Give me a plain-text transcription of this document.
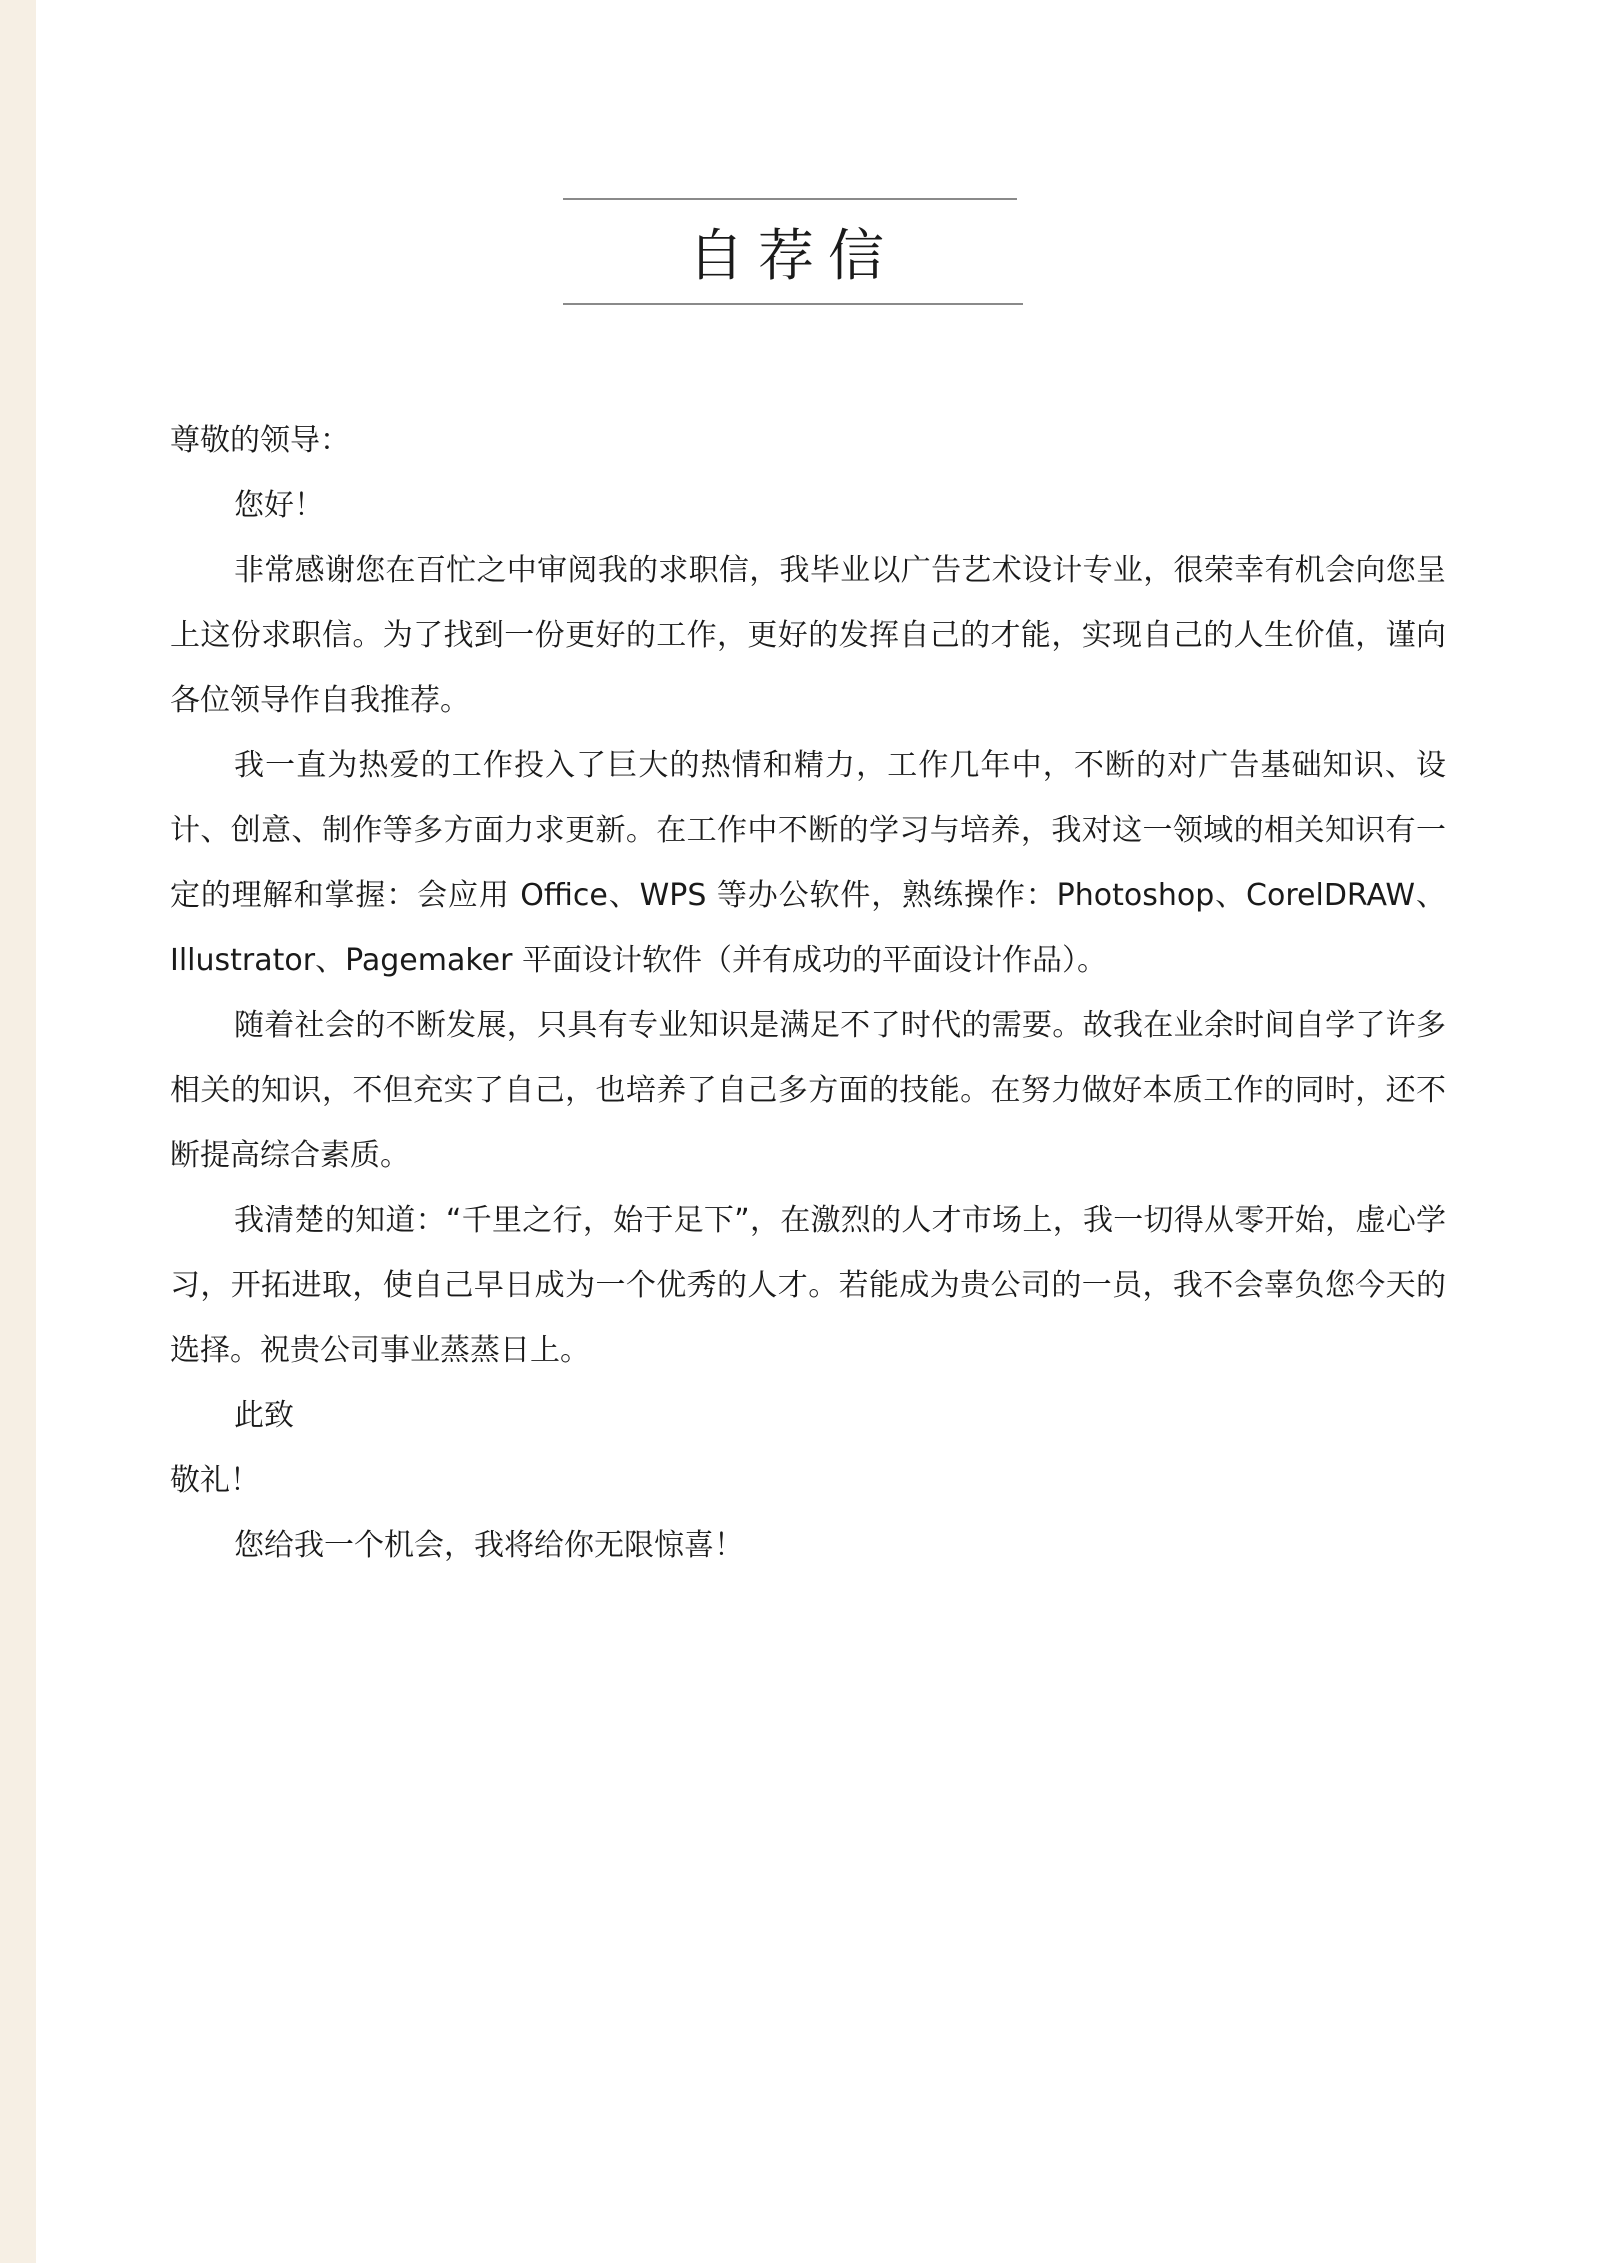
自荐信

尊敬的领导：

您好！

非常感谢您在百忙之中审阅我的求职信，我毕业以广告艺术设计专业，很荣幸有机会向您呈上这份求职信。为了找到一份更好的工作，更好的发挥自己的才能，实现自己的人生价值，谨向各位领导作自我推荐。

我一直为热爱的工作投入了巨大的热情和精力，工作几年中，不断的对广告基础知识、设计、创意、制作等多方面力求更新。在工作中不断的学习与培养，我对这一领域的相关知识有一定的理解和掌握：会应用 Office、WPS 等办公软件，熟练操作：Photoshop、CorelDRAW、Illustrator、Pagemaker 平面设计软件（并有成功的平面设计作品）。

随着社会的不断发展，只具有专业知识是满足不了时代的需要。故我在业余时间自学了许多相关的知识，不但充实了自己，也培养了自己多方面的技能。在努力做好本质工作的同时，还不断提高综合素质。

我清楚的知道：“千里之行，始于足下”，在激烈的人才市场上，我一切得从零开始，虚心学习，开拓进取，使自己早日成为一个优秀的人才。若能成为贵公司的一员，我不会辜负您今天的选择。祝贵公司事业蒸蒸日上。

此致

敬礼！

您给我一个机会，我将给你无限惊喜！
